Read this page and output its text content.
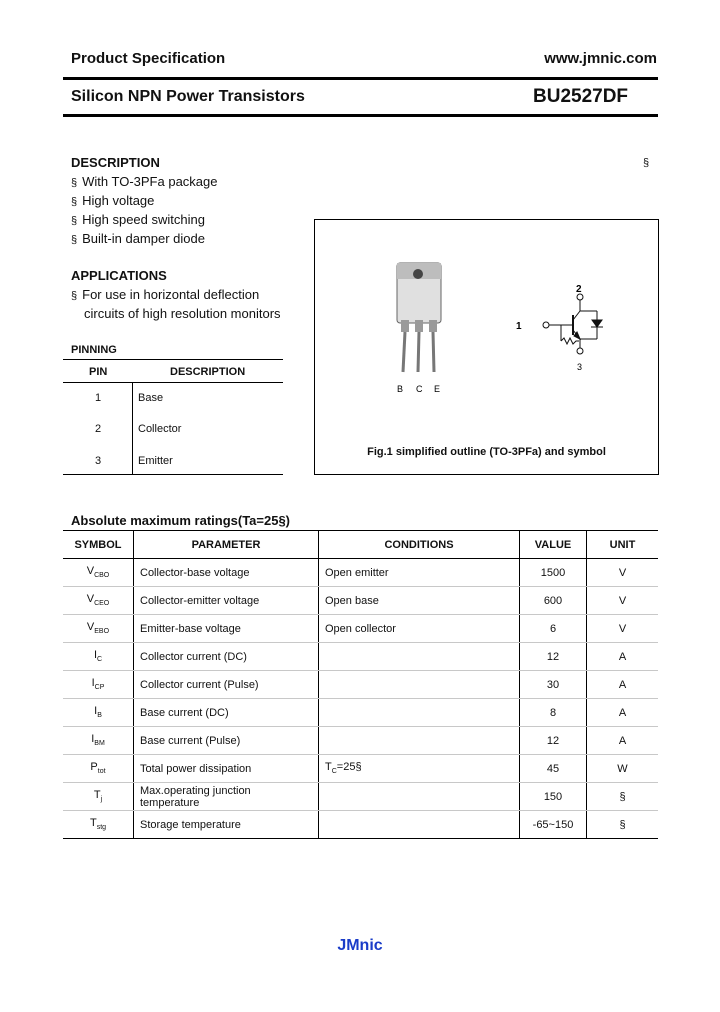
Product Specification	www.jmnic.com
Silicon NPN Power Transistors	BU2527DF
§
DESCRIPTION
§ With TO-3PFa package
§ High voltage
§ High speed switching
§ Built-in damper diode
APPLICATIONS
§ For use in horizontal deflection
circuits of high resolution monitors
PINNING
PIN	DESCRIPTION
1	Base
2	Collector
3	Emitter
B C E
1
2
3
Fig.1 simplified outline (TO-3PFa) and symbol
Absolute maximum ratings(Ta=25§)
SYMBOL	PARAMETER	CONDITIONS	VALUE	UNIT
$V_{CBO}$	Collector-base voltage	Open emitter	1500	V
$V_{CEO}$	Collector-emitter voltage	Open base	600	V
$V_{EBO}$	Emitter-base voltage	Open collector	6	V
$I_C$	Collector current (DC)		12	A
$I_{CP}$	Collector current (Pulse)		30	A
$I_B$	Base current (DC)		8	A
$I_{BM}$	Base current (Pulse)		12	A
$P_{tot}$	Total power dissipation	$T_C=25\S$	45	W
$T_j$	Max.operating junction temperature		150	§
$T_{stg}$	Storage temperature		-65~150	§
JMnic
